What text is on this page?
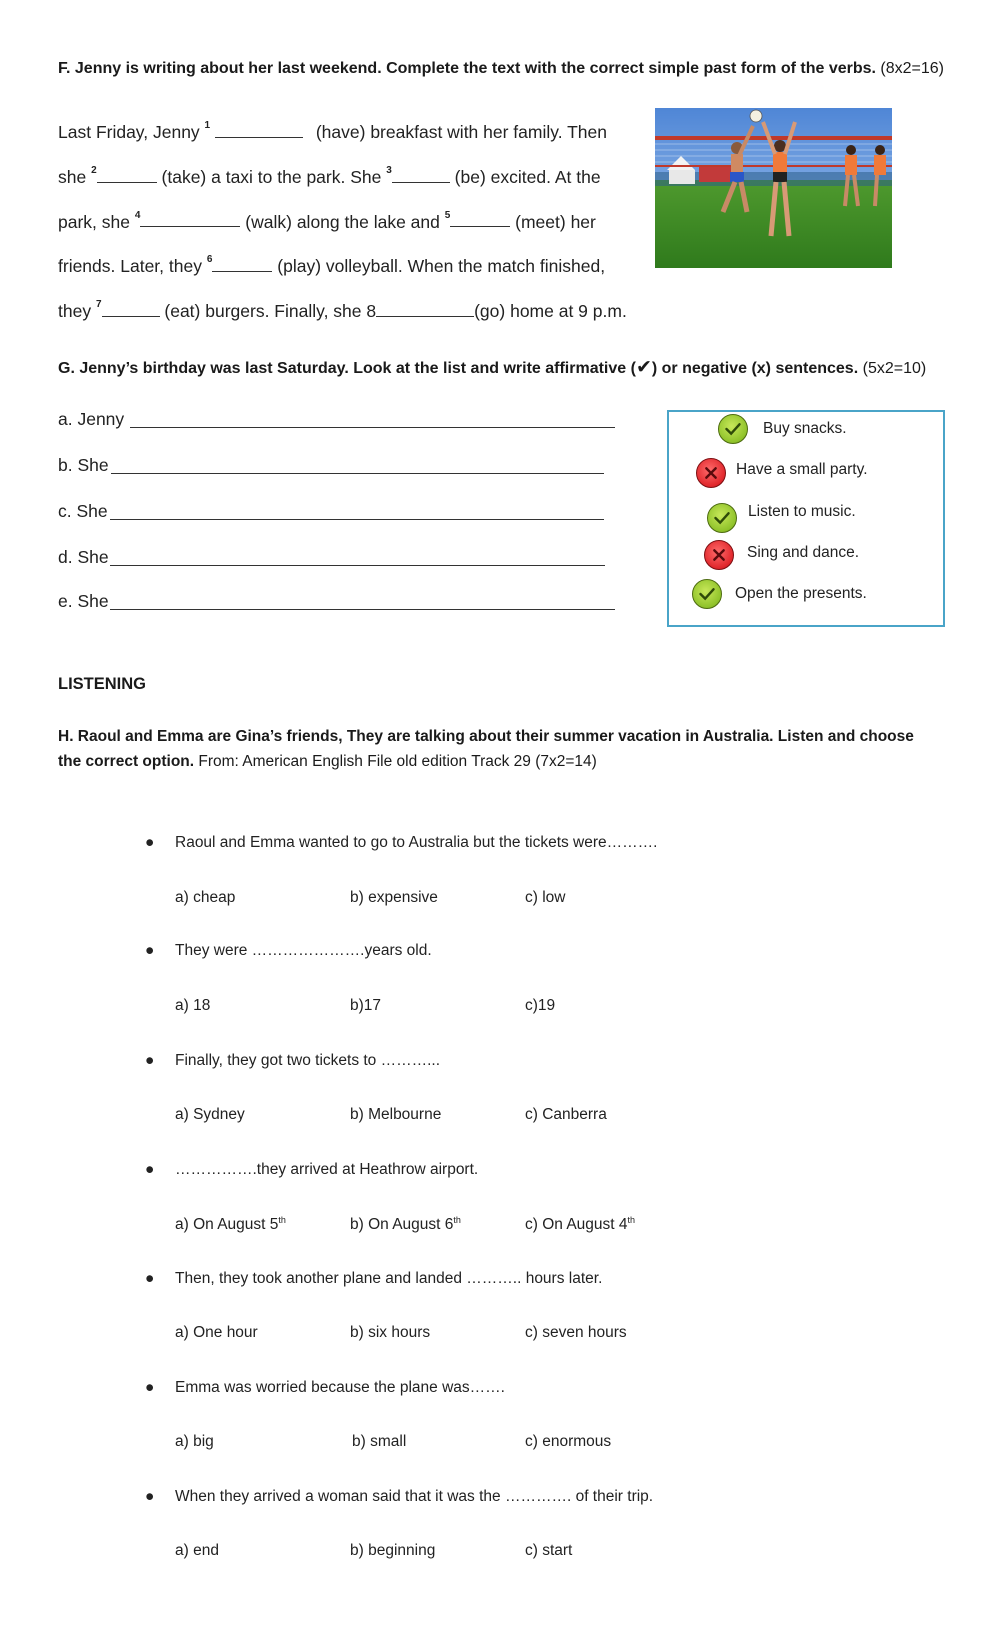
F. Jenny is writing about her last weekend. Complete the text with the correct simple past form of the verbs. (8x2=16)
Last Friday, Jenny $^1$	(have) breakfast with her family. Then
she $^2$	(take) a taxi to the park. She $^3$	(be) excited. At the
park, she $^4$	(walk) along the lake and $^5$	(meet) her
friends. Later, they $^6$	(play) volleyball. When the match finished,
they $^7$	(eat) burgers. Finally, she 8	(go) home at 9 p.m.
G. Jenny’s birthday was last Saturday. Look at the list and write affirmative (✔) or negative (x) sentences. (5x2=10)
a. Jenny
b. She
c. She
d. She
e. She
Buy snacks.
Have a small party.
Listen to music.
Sing and dance.
Open the presents.
LISTENING
H. Raoul and Emma are Gina’s friends, They are talking about their summer vacation in Australia. Listen and choose the correct option. From: American English File old edition Track 29 (7x2=14)
● Raoul and Emma wanted to go to Australia but the tickets were……….
a) cheap	b) expensive	c) low
● They were ………………….years old.
a) 18	b)17	c)19
● Finally, they got two tickets to ………...
a) Sydney	b) Melbourne	c) Canberra
● …………….they arrived at Heathrow airport.
a) On August 5th	b) On August 6th	c) On August 4th
● Then, they took another plane and landed ……….. hours later.
a) One hour	b) six hours	c) seven hours
● Emma was worried because the plane was…….
a) big	b) small	c) enormous
● When they arrived a woman said that it was the …………. of their trip.
a) end	b) beginning	c) start
